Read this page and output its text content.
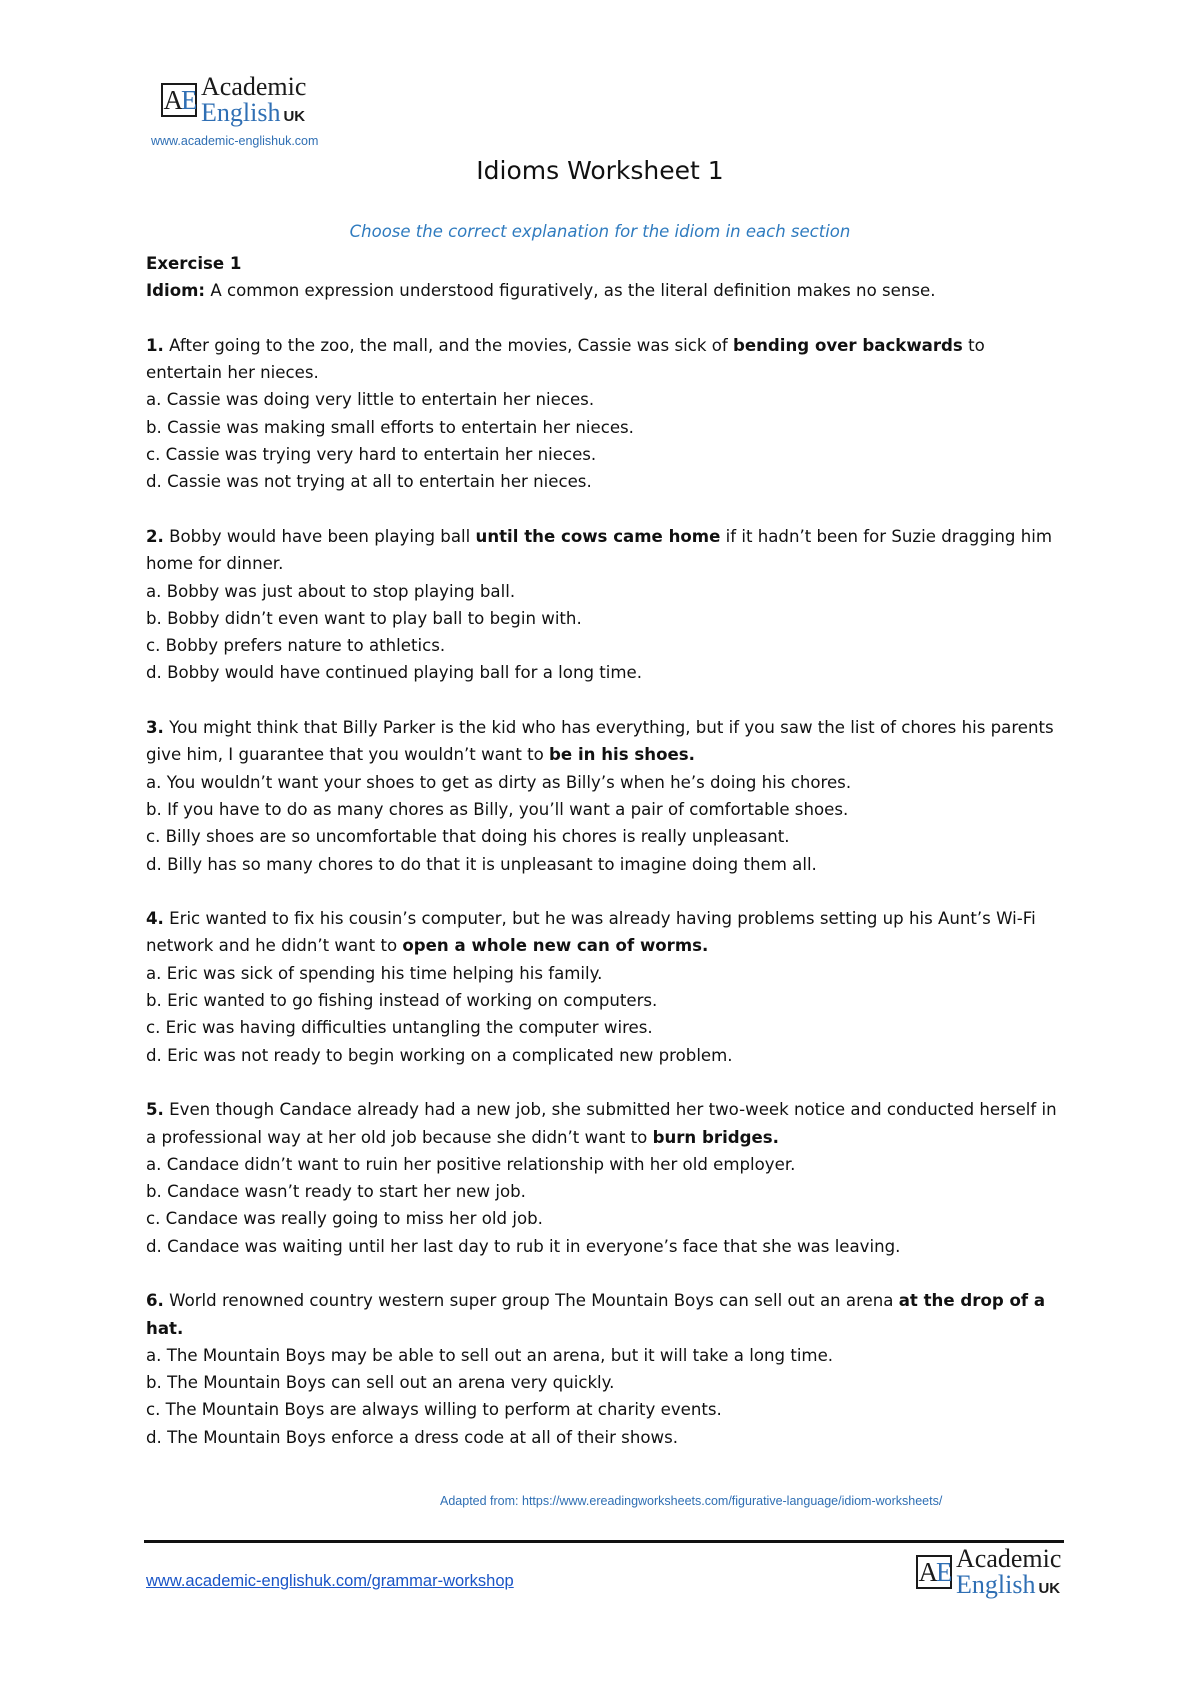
A E Academic
English UK
www.academic-englishuk.com
Idioms Worksheet 1
Choose the correct explanation for the idiom in each section

Exercise 1

Idiom: A common expression understood figuratively, as the literal definition makes no sense.

1. After going to the zoo, the mall, and the movies, Cassie was sick of bending over backwards to entertain her nieces.

a. Cassie was doing very little to entertain her nieces.

b. Cassie was making small efforts to entertain her nieces.

c. Cassie was trying very hard to entertain her nieces.

d. Cassie was not trying at all to entertain her nieces.

2. Bobby would have been playing ball until the cows came home if it hadn’t been for Suzie dragging him home for dinner.

a. Bobby was just about to stop playing ball.

b. Bobby didn’t even want to play ball to begin with.

c. Bobby prefers nature to athletics.

d. Bobby would have continued playing ball for a long time.

3. You might think that Billy Parker is the kid who has everything, but if you saw the list of chores his parents give him, I guarantee that you wouldn’t want to be in his shoes.

a. You wouldn’t want your shoes to get as dirty as Billy’s when he’s doing his chores.

b. If you have to do as many chores as Billy, you’ll want a pair of comfortable shoes.

c. Billy shoes are so uncomfortable that doing his chores is really unpleasant.

d. Billy has so many chores to do that it is unpleasant to imagine doing them all.

4. Eric wanted to fix his cousin’s computer, but he was already having problems setting up his Aunt’s Wi-Fi network and he didn’t want to open a whole new can of worms.

a. Eric was sick of spending his time helping his family.

b. Eric wanted to go fishing instead of working on computers.

c. Eric was having difficulties untangling the computer wires.

d. Eric was not ready to begin working on a complicated new problem.

5. Even though Candace already had a new job, she submitted her two-week notice and conducted herself in a professional way at her old job because she didn’t want to burn bridges.

a. Candace didn’t want to ruin her positive relationship with her old employer.

b. Candace wasn’t ready to start her new job.

c. Candace was really going to miss her old job.

d. Candace was waiting until her last day to rub it in everyone’s face that she was leaving.

6. World renowned country western super group The Mountain Boys can sell out an arena at the drop of a hat.

a. The Mountain Boys may be able to sell out an arena, but it will take a long time.

b. The Mountain Boys can sell out an arena very quickly.

c. The Mountain Boys are always willing to perform at charity events.

d. The Mountain Boys enforce a dress code at all of their shows.

Adapted from: https://www.ereadingworksheets.com/figurative-language/idiom-worksheets/
www.academic-englishuk.com/grammar-workshop	A E Academic
English UK
